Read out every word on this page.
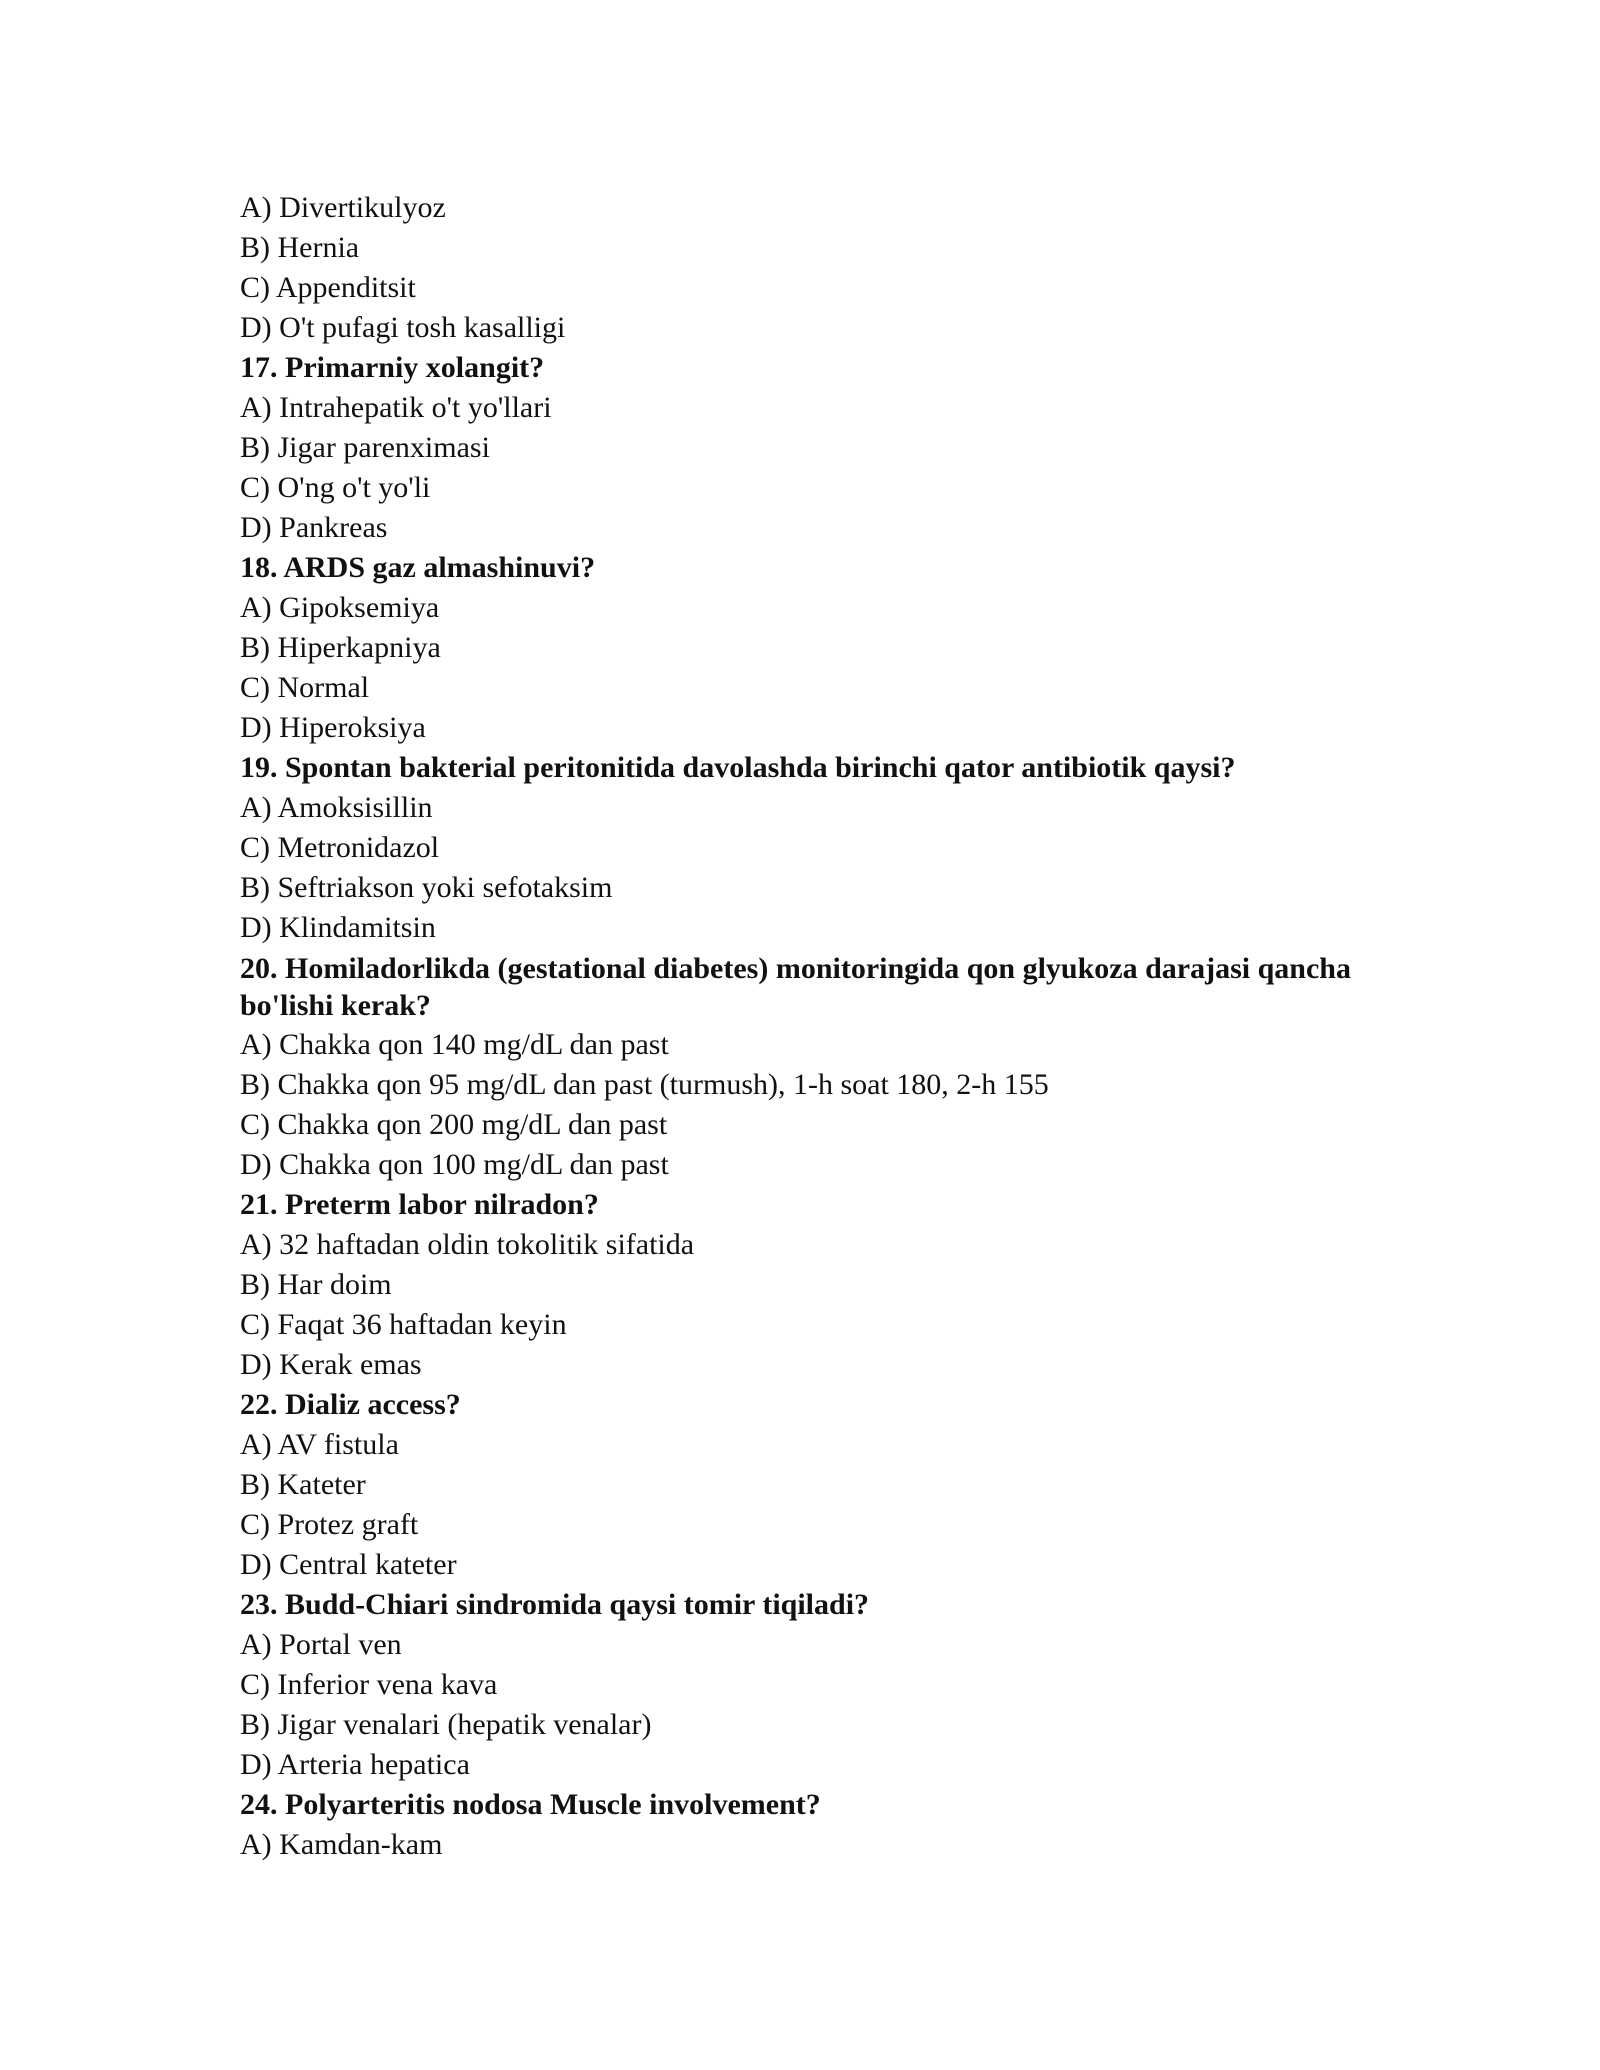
A) Divertikulyoz
B) Hernia
C) Appenditsit
D) O't pufagi tosh kasalligi
17. Primarniy xolangit?
A) Intrahepatik o't yo'llari
B) Jigar parenximasi
C) O'ng o't yo'li
D) Pankreas
18. ARDS gaz almashinuvi?
A) Gipoksemiya
B) Hiperkapniya
C) Normal
D) Hiperoksiya
19. Spontan bakterial peritonitida davolashda birinchi qator antibiotik qaysi?
A) Amoksisillin
C) Metronidazol
B) Seftriakson yoki sefotaksim
D) Klindamitsin
20. Homiladorlikda (gestational diabetes) monitoringida qon glyukoza darajasi qancha bo'lishi kerak?
A) Chakka qon 140 mg/dL dan past
B) Chakka qon 95 mg/dL dan past (turmush), 1-h soat 180, 2-h 155
C) Chakka qon 200 mg/dL dan past
D) Chakka qon 100 mg/dL dan past
21. Preterm labor nilradon?
A) 32 haftadan oldin tokolitik sifatida
B) Har doim
C) Faqat 36 haftadan keyin
D) Kerak emas
22. Dializ access?
A) AV fistula
B) Kateter
C) Protez graft
D) Central kateter
23. Budd-Chiari sindromida qaysi tomir tiqiladi?
A) Portal ven
C) Inferior vena kava
B) Jigar venalari (hepatik venalar)
D) Arteria hepatica
24. Polyarteritis nodosa Muscle involvement?
A) Kamdan-kam
